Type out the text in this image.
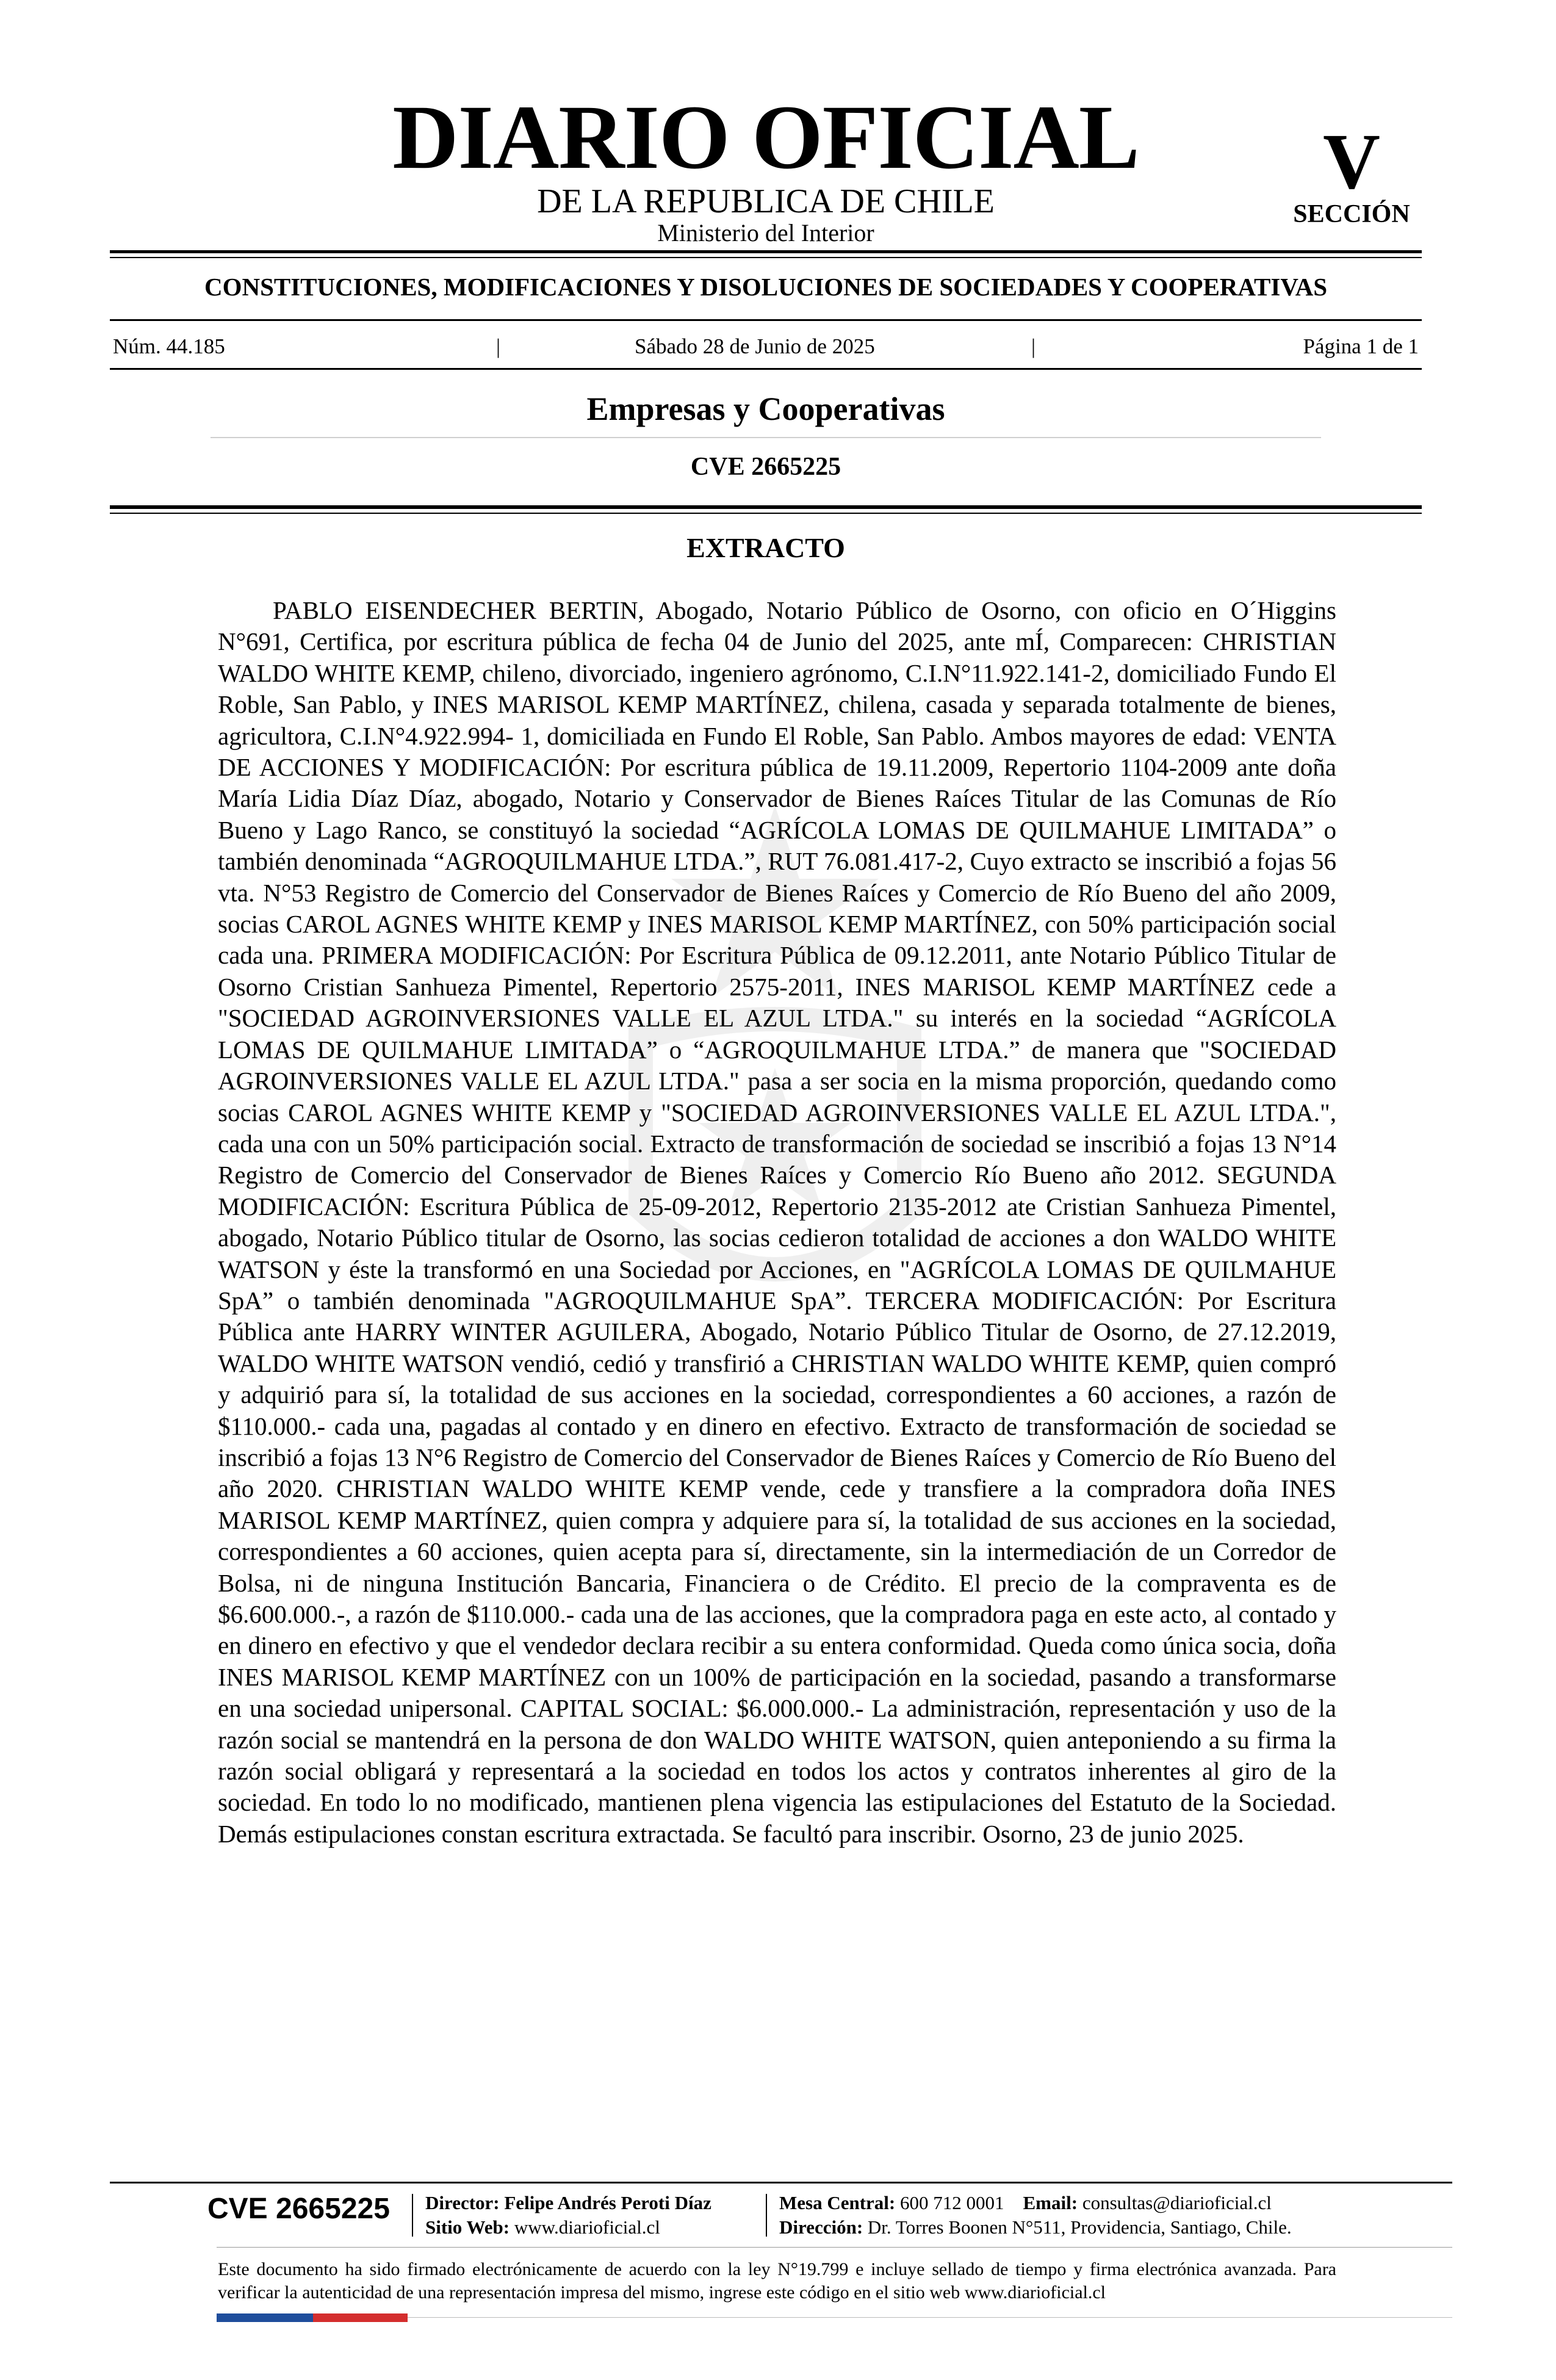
DIARIO OFICIAL
DE LA REPUBLICA DE CHILE
Ministerio del Interior
V
SECCIÓN
CONSTITUCIONES, MODIFICACIONES Y DISOLUCIONES DE SOCIEDADES Y COOPERATIVAS
Núm. 44.185	|	Sábado 28 de Junio de 2025	|	Página 1 de 1
Empresas y Cooperativas
CVE 2665225
EXTRACTO

PABLO EISENDECHER BERTIN, Abogado, Notario Público de Osorno, con oficio en O´Higgins N°691, Certifica, por escritura pública de fecha 04 de Junio del 2025, ante mÍ, Comparecen: CHRISTIAN WALDO WHITE KEMP, chileno, divorciado, ingeniero agrónomo, C.I.N°11.922.141-2, domiciliado Fundo El Roble, San Pablo, y INES MARISOL KEMP MARTÍNEZ, chilena, casada y separada totalmente de bienes, agricultora, C.I.N°4.922.994- 1, domiciliada en Fundo El Roble, San Pablo. Ambos mayores de edad: VENTA DE ACCIONES Y MODIFICACIÓN: Por escritura pública de 19.11.2009, Repertorio 1104-2009 ante doña María Lidia Díaz Díaz, abogado, Notario y Conservador de Bienes Raíces Titular de las Comunas de Río Bueno y Lago Ranco, se constituyó la sociedad “AGRÍCOLA LOMAS DE QUILMAHUE LIMITADA” o también denominada “AGROQUILMAHUE LTDA.”, RUT 76.081.417-2, Cuyo extracto se inscribió a fojas 56 vta. N°53 Registro de Comercio del Conservador de Bienes Raíces y Comercio de Río Bueno del año 2009, socias CAROL AGNES WHITE KEMP y INES MARISOL KEMP MARTÍNEZ, con 50% participación social cada una. PRIMERA MODIFICACIÓN: Por Escritura Pública de 09.12.2011, ante Notario Público Titular de Osorno Cristian Sanhueza Pimentel, Repertorio 2575-2011, INES MARISOL KEMP MARTÍNEZ cede a "SOCIEDAD AGROINVERSIONES VALLE EL AZUL LTDA." su interés en la sociedad “AGRÍCOLA LOMAS DE QUILMAHUE LIMITADA” o “AGROQUILMAHUE LTDA.” de manera que "SOCIEDAD AGROINVERSIONES VALLE EL AZUL LTDA." pasa a ser socia en la misma proporción, quedando como socias CAROL AGNES WHITE KEMP y "SOCIEDAD AGROINVERSIONES VALLE EL AZUL LTDA.", cada una con un 50% participación social. Extracto de transformación de sociedad se inscribió a fojas 13 N°14 Registro de Comercio del Conservador de Bienes Raíces y Comercio Río Bueno año 2012. SEGUNDA MODIFICACIÓN: Escritura Pública de 25-09-2012, Repertorio 2135-2012 ate Cristian Sanhueza Pimentel, abogado, Notario Público titular de Osorno, las socias cedieron totalidad de acciones a don WALDO WHITE WATSON y éste la transformó en una Sociedad por Acciones, en "AGRÍCOLA LOMAS DE QUILMAHUE SpA” o también denominada "AGROQUILMAHUE SpA”. TERCERA MODIFICACIÓN: Por Escritura Pública ante HARRY WINTER AGUILERA, Abogado, Notario Público Titular de Osorno, de 27.12.2019, WALDO WHITE WATSON vendió, cedió y transfirió a CHRISTIAN WALDO WHITE KEMP, quien compró y adquirió para sí, la totalidad de sus acciones en la sociedad, correspondientes a 60 acciones, a razón de $110.000.- cada una, pagadas al contado y en dinero en efectivo. Extracto de transformación de sociedad se inscribió a fojas 13 N°6 Registro de Comercio del Conservador de Bienes Raíces y Comercio de Río Bueno del año 2020. CHRISTIAN WALDO WHITE KEMP vende, cede y transfiere a la compradora doña INES MARISOL KEMP MARTÍNEZ, quien compra y adquiere para sí, la totalidad de sus acciones en la sociedad, correspondientes a 60 acciones, quien acepta para sí, directamente, sin la intermediación de un Corredor de Bolsa, ni de ninguna Institución Bancaria, Financiera o de Crédito. El precio de la compraventa es de $6.600.000.-, a razón de $110.000.- cada una de las acciones, que la compradora paga en este acto, al contado y en dinero en efectivo y que el vendedor declara recibir a su entera conformidad. Queda como única socia, doña INES MARISOL KEMP MARTÍNEZ con un 100% de participación en la sociedad, pasando a transformarse en una sociedad unipersonal. CAPITAL SOCIAL: $6.000.000.- La administración, representación y uso de la razón social se mantendrá en la persona de don WALDO WHITE WATSON, quien anteponiendo a su firma la razón social obligará y representará a la sociedad en todos los actos y contratos inherentes al giro de la sociedad. En todo lo no modificado, mantienen plena vigencia las estipulaciones del Estatuto de la Sociedad. Demás estipulaciones constan escritura extractada. Se facultó para inscribir. Osorno, 23 de junio 2025.

CVE 2665225 Director: Felipe Andrés Peroti Díaz
Sitio Web: www.diarioficial.cl
Mesa Central: 600 712 0001 Email: consultas@diarioficial.cl
Dirección: Dr. Torres Boonen N°511, Providencia, Santiago, Chile.
Este documento ha sido firmado electrónicamente de acuerdo con la ley N°19.799 e incluye sellado de tiempo y firma electrónica avanzada. Para verificar la autenticidad de una representación impresa del mismo, ingrese este código en el sitio web www.diarioficial.cl
